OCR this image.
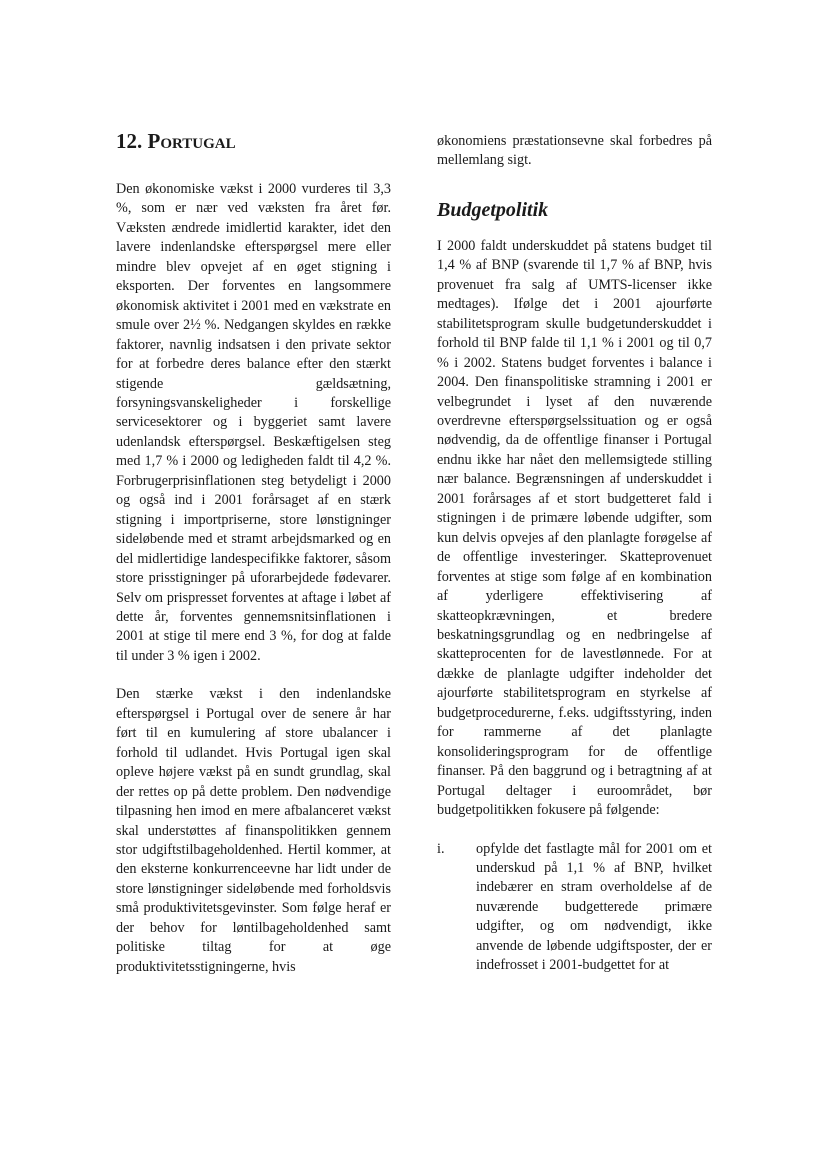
12. Portugal

Den økonomiske vækst i 2000 vurderes til 3,3 %, som er nær ved væksten fra året før. Væksten ændrede imidlertid karakter, idet den lavere indenlandske efterspørgsel mere eller mindre blev opvejet af en øget stigning i eksporten. Der forventes en langsommere økonomisk aktivitet i 2001 med en vækstrate en smule over 2½ %. Nedgangen skyldes en række faktorer, navnlig indsatsen i den private sektor for at forbedre deres balance efter den stærkt stigende gældsætning, forsyningsvanskeligheder i forskellige servicesektorer og i byggeriet samt lavere udenlandsk efterspørgsel. Beskæftigelsen steg med 1,7 % i 2000 og ledigheden faldt til 4,2 %. Forbrugerprisinflationen steg betydeligt i 2000 og også ind i 2001 forårsaget af en stærk stigning i importpriserne, store lønstigninger sideløbende med et stramt arbejdsmarked og en del midlertidige landespecifikke faktorer, såsom store prisstigninger på uforarbejdede fødevarer. Selv om prispresset forventes at aftage i løbet af dette år, forventes gennemsnitsinflationen i 2001 at stige til mere end 3 %, for dog at falde til under 3 % igen i 2002.

Den stærke vækst i den indenlandske efterspørgsel i Portugal over de senere år har ført til en kumulering af store ubalancer i forhold til udlandet. Hvis Portugal igen skal opleve højere vækst på en sundt grundlag, skal der rettes op på dette problem. Den nødvendige tilpasning hen imod en mere afbalanceret vækst skal understøttes af finanspolitikken gennem stor udgiftstilbageholdenhed. Hertil kommer, at den eksterne konkurrenceevne har lidt under de store lønstigninger sideløbende med forholdsvis små produktivitetsgevinster. Som følge heraf er der behov for løntilbageholdenhed samt politiske tiltag for at øge produktivitetsstigningerne, hvis

økonomiens præstationsevne skal forbedres på mellemlang sigt.

Budgetpolitik

I 2000 faldt underskuddet på statens budget til 1,4 % af BNP (svarende til 1,7 % af BNP, hvis provenuet fra salg af UMTS-licenser ikke medtages). Ifølge det i 2001 ajourførte stabilitetsprogram skulle budgetunderskuddet i forhold til BNP falde til 1,1 % i 2001 og til 0,7 % i 2002. Statens budget forventes i balance i 2004. Den finanspolitiske stramning i 2001 er velbegrundet i lyset af den nuværende overdrevne efterspørgselssituation og er også nødvendig, da de offentlige finanser i Portugal endnu ikke har nået den mellemsigtede stilling nær balance. Begrænsningen af underskuddet i 2001 forårsages af et stort budgetteret fald i stigningen i de primære løbende udgifter, som kun delvis opvejes af den planlagte forøgelse af de offentlige investeringer. Skatteprovenuet forventes at stige som følge af en kombination af yderligere effektivisering af skatteopkrævningen, et bredere beskatningsgrundlag og en nedbringelse af skatteprocenten for de lavestlønnede. For at dække de planlagte udgifter indeholder det ajourførte stabilitetsprogram en styrkelse af budgetprocedurerne, f.eks. udgiftsstyring, inden for rammerne af det planlagte konsolideringsprogram for de offentlige finanser. På den baggrund og i betragtning af at Portugal deltager i euroområdet, bør budgetpolitikken fokusere på følgende:

i. opfylde det fastlagte mål for 2001 om et underskud på 1,1 % af BNP, hvilket indebærer en stram overholdelse af de nuværende budgetterede primære udgifter, og om nødvendigt, ikke anvende de løbende udgiftsposter, der er indefrosset i 2001-budgettet for at
